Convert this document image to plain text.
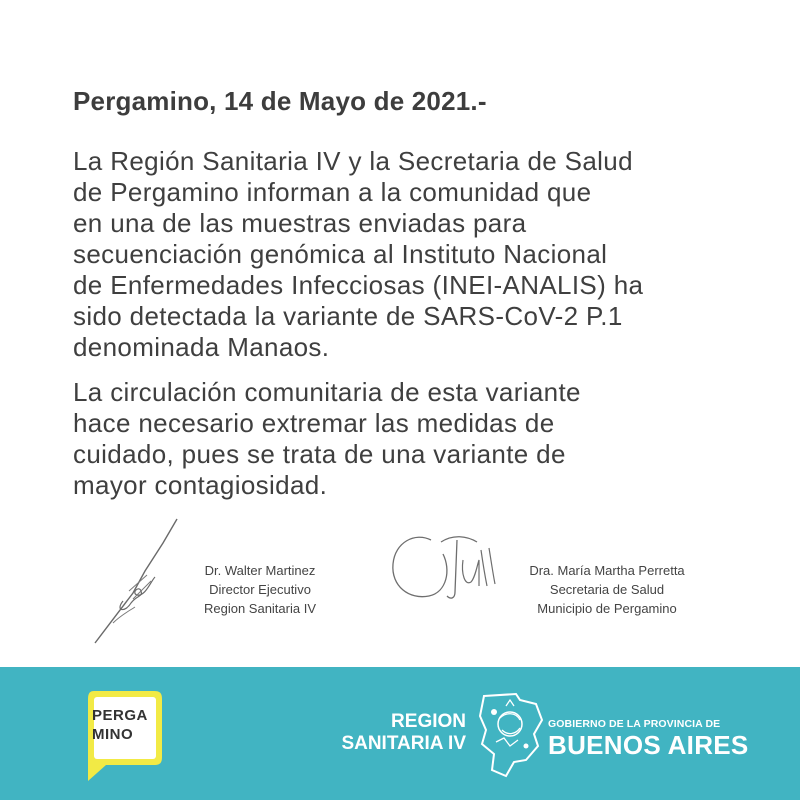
Pergamino, 14 de Mayo de 2021.-

La Región Sanitaria IV y la Secretaria de Salud
de Pergamino informan a la comunidad que
en una de las muestras enviadas para
secuenciación genómica al Instituto Nacional
de Enfermedades Infecciosas (INEI-ANALIS) ha
sido detectada la variante de SARS-CoV-2 P.1
denominada Manaos.

La circulación comunitaria de esta variante
hace necesario extremar las medidas de
cuidado, pues se trata de una variante de
mayor contagiosidad.

Dr. Walter Martinez
Director Ejecutivo
Region Sanitaria IV
Dra. María Martha Perretta
Secretaria de Salud
Municipio de Pergamino
PERGA
MINO
REGION
SANITARIA IV
GOBIERNO DE LA PROVINCIA DE
BUENOS AIRES
